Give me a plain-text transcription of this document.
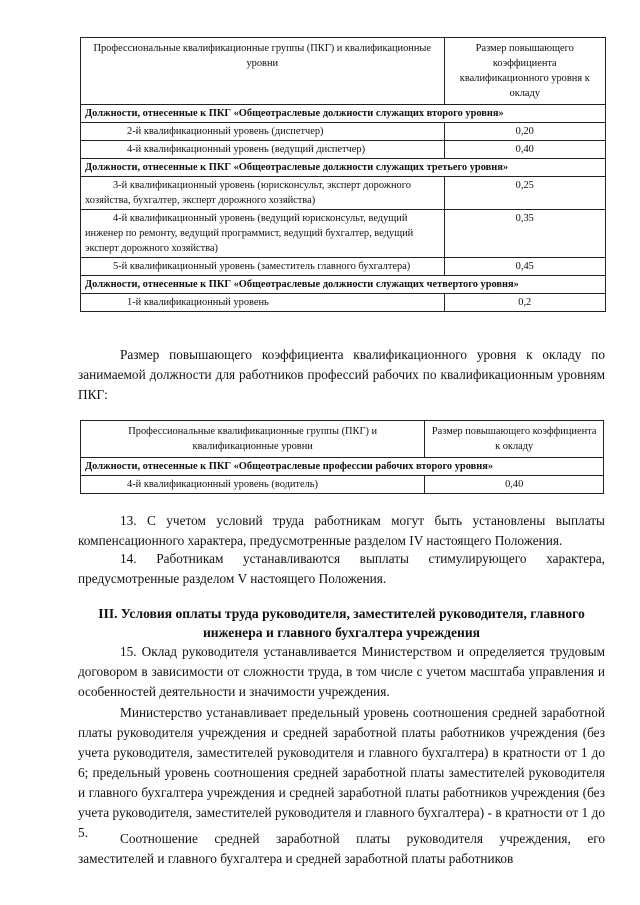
Профессиональные квалификационные группы (ПКГ) и квалификационные уровни	Размер повышающего коэффициента квалификационного уровня к окладу
Должности, отнесенные к ПКГ «Общеотраслевые должности служащих второго уровня»	
2-й квалификационный уровень (диспетчер)	0,20
4-й квалификационный уровень (ведущий диспетчер)	0,40
Должности, отнесенные к ПКГ «Общеотраслевые должности служащих третьего уровня»	
3-й квалификационный уровень (юрисконсульт, эксперт дорожного хозяйства, бухгалтер, эксперт дорожного хозяйства)	0,25
4-й квалификационный уровень (ведущий юрисконсульт, ведущий инженер по ремонту, ведущий программист, ведущий бухгалтер, ведущий эксперт дорожного хозяйства)	0,35
5-й квалификационный уровень (заместитель главного бухгалтера)	0,45
Должности, отнесенные к ПКГ «Общеотраслевые должности служащих четвертого уровня»	
1-й квалификационный уровень	0,2

Размер повышающего коэффициента квалификационного уровня к окладу по занимаемой должности для работников профессий рабочих по квалификационным уровням ПКГ:

Профессиональные квалификационные группы (ПКГ) и квалификационные уровни	Размер повышающего коэффициента к окладу
Должности, отнесенные к ПКГ «Общеотраслевые профессии рабочих второго уровня»	
4-й квалификационный уровень (водитель)	0,40

13. С учетом условий труда работникам могут быть установлены выплаты компенсационного характера, предусмотренные разделом IV настоящего Положения.

14. Работникам устанавливаются выплаты стимулирующего характера, предусмотренные разделом V настоящего Положения.

III. Условия оплаты труда руководителя, заместителей руководителя, главного инженера и главного бухгалтера учреждения

15. Оклад руководителя устанавливается Министерством и определяется трудовым договором в зависимости от сложности труда, в том числе с учетом масштаба управления и особенностей деятельности и значимости учреждения.

Министерство устанавливает предельный уровень соотношения средней заработной платы руководителя учреждения и средней заработной платы работников учреждения (без учета руководителя, заместителей руководителя и главного бухгалтера) в кратности от 1 до 6; предельный уровень соотношения средней заработной платы заместителей руководителя и главного бухгалтера учреждения и средней заработной платы работников учреждения (без учета руководителя, заместителей руководителя и главного бухгалтера) - в кратности от 1 до 5.	Соотношение средней заработной платы руководителя учреждения, его заместителей и главного бухгалтера и средней заработной платы работников
